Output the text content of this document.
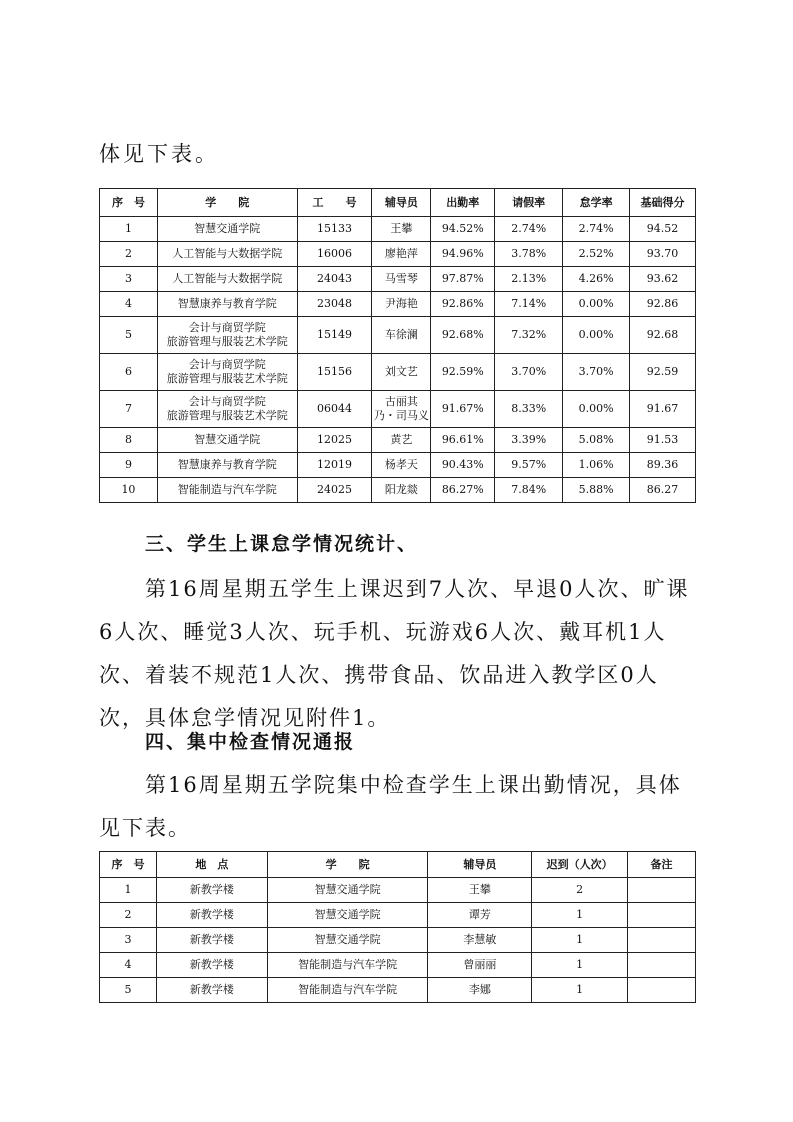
体见下表。
序　号	学　　院	工　　号	辅导员	出勤率	请假率	怠学率	基础得分
1	智慧交通学院	15133	王攀	94.52%	2.74%	2.74%	94.52
2	人工智能与大数据学院	16006	廖艳萍	94.96%	3.78%	2.52%	93.70
3	人工智能与大数据学院	24043	马雪琴	97.87%	2.13%	4.26%	93.62
4	智慧康养与教育学院	23048	尹海艳	92.86%	7.14%	0.00%	92.86
5	会计与商贸学院
旅游管理与服装艺术学院	15149	车徐澜	92.68%	7.32%	0.00%	92.68
6	会计与商贸学院
旅游管理与服装艺术学院	15156	刘文艺	92.59%	3.70%	3.70%	92.59
7	会计与商贸学院
旅游管理与服装艺术学院	06044	古丽其
乃・司马义	91.67%	8.33%	0.00%	91.67
8	智慧交通学院	12025	黄艺	96.61%	3.39%	5.08%	91.53
9	智慧康养与教育学院	12019	杨孝天	90.43%	9.57%	1.06%	89.36
10	智能制造与汽车学院	24025	阳龙燚	86.27%	7.84%	5.88%	86.27
三、学生上课怠学情况统计、

第16周星期五学生上课迟到7人次、早退0人次、旷课6人次、睡觉3人次、玩手机、玩游戏6人次、戴耳机1人次、着装不规范1人次、携带食品、饮品进入教学区0人次，具体怠学情况见附件1。

四、集中检查情况通报

第16周星期五学院集中检查学生上课出勤情况，具体见下表。

序　号	地　点	学　　院	辅导员	迟到（人次）	备注
1	新教学楼	智慧交通学院	王攀	2	
2	新教学楼	智慧交通学院	谭芳	1	
3	新教学楼	智慧交通学院	李慧敏	1	
4	新教学楼	智能制造与汽车学院	曾丽丽	1	
5	新教学楼	智能制造与汽车学院	李娜	1	
